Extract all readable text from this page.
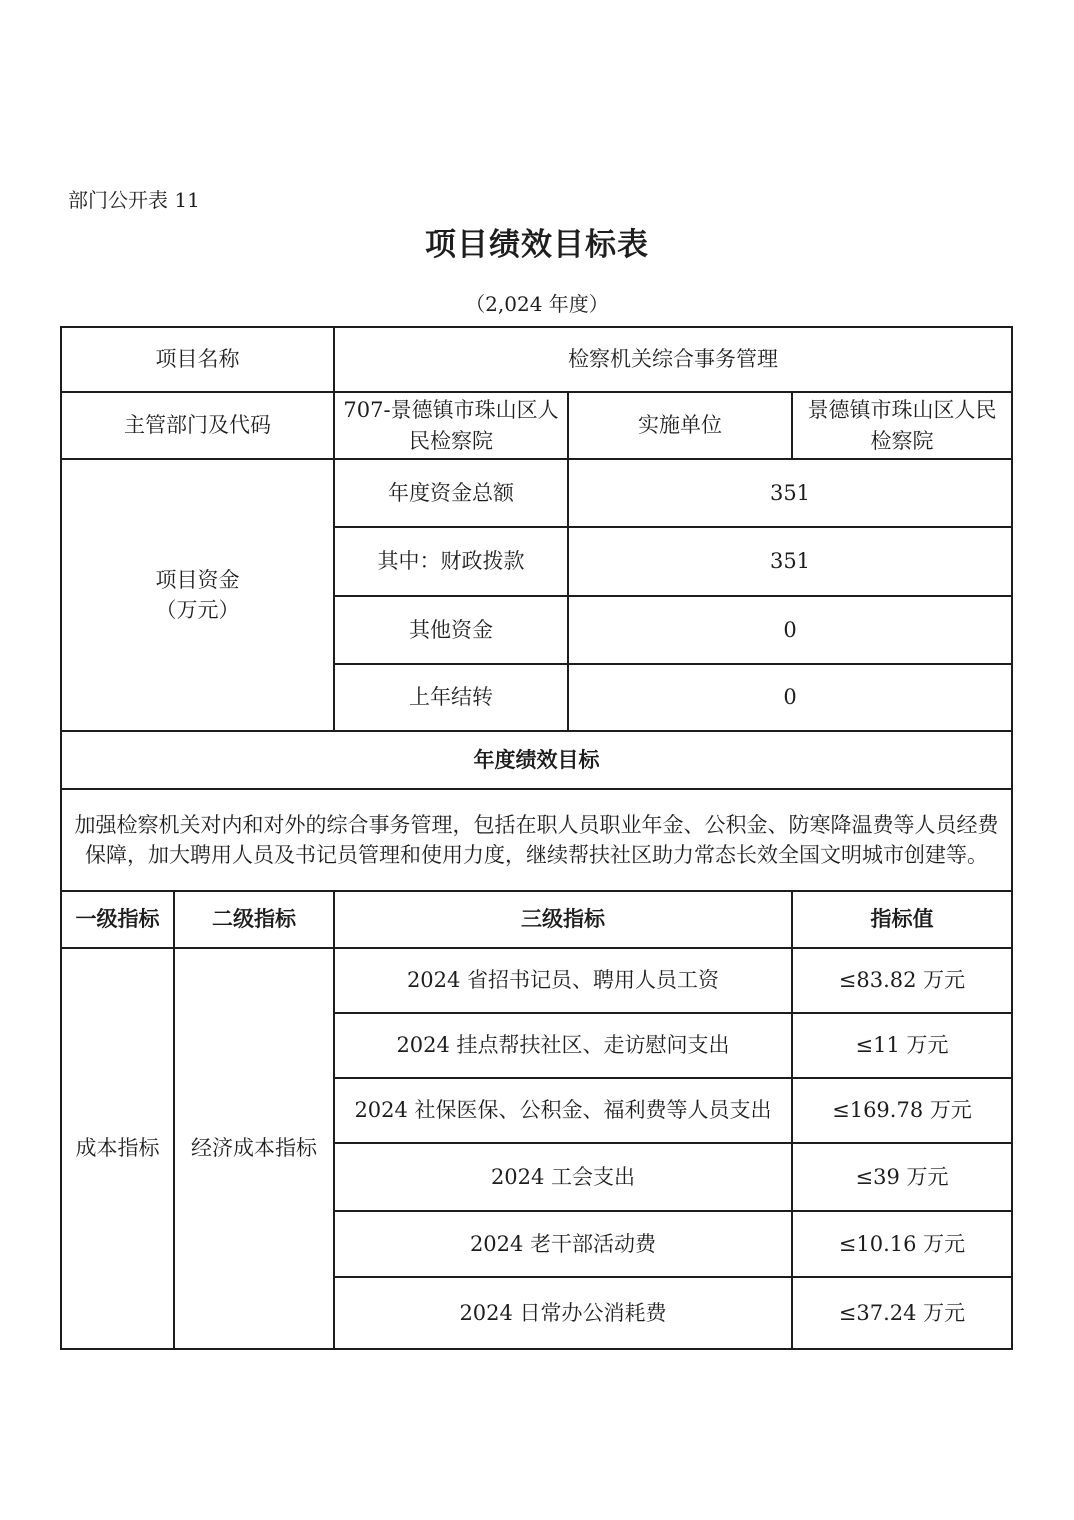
部门公开表 11
项目绩效目标表
（2,024 年度）
项目名称		检察机关综合事务管理		
主管部门及代码		707-景德镇市珠山区人民检察院	实施单位	景德镇市珠山区人民检察院

项目资金
（万元）		年度资金总额	351	
		其中：财政拨款	351	
		其他资金	0	
		上年结转	0	
年度绩效目标				
加强检察机关对内和对外的综合事务管理，包括在职人员职业年金、公积金、防寒降温费等人员经费保障，加大聘用人员及书记员管理和使用力度，继续帮扶社区助力常态长效全国文明城市创建等。				
一级指标	二级指标	三级指标		指标值
成本指标	经济成本指标	2024 省招书记员、聘用人员工资		≤83.82 万元
		2024 挂点帮扶社区、走访慰问支出		≤11 万元
		2024 社保医保、公积金、福利费等人员支出		≤169.78 万元
		2024 工会支出		≤39 万元
		2024 老干部活动费		≤10.16 万元
		2024 日常办公消耗费		≤37.24 万元
